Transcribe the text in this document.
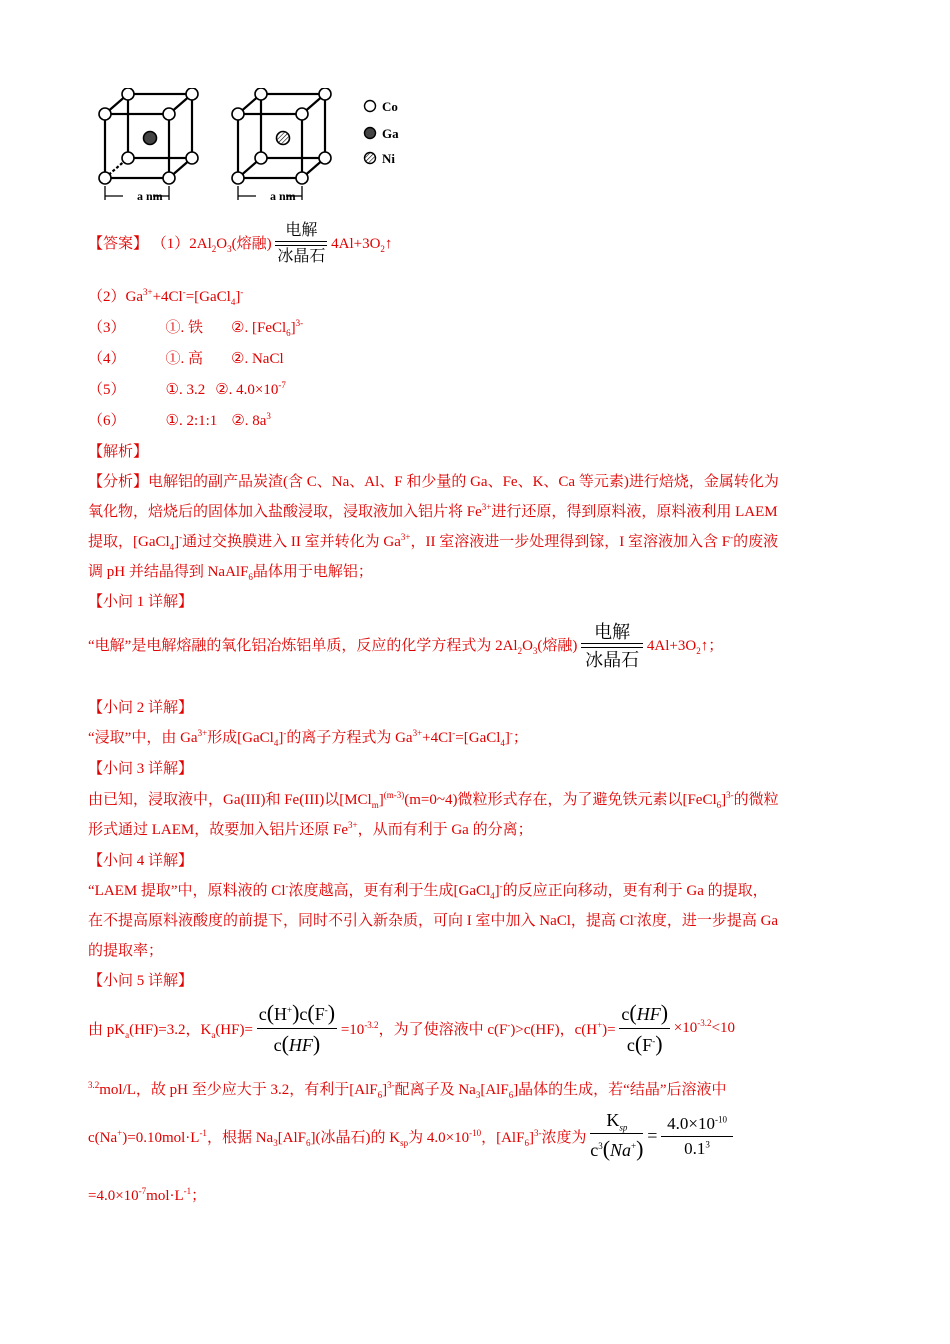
a nm	a nm
Co
Ga
Ni
【答案】 $(1)2Al_2O_3$(熔融)
电解
冰晶石
$4Al+3O_2↑$
$(2)Ga^{3+}+4Cl^-=[GaCl_4]^-$
（3）	①. 铁 ②. [FeCl$_6$]$^{3-}$
（4）	①. 高 ②. NaCl
（5）	①. 3.2 ②. $4.0\times 10^{-7}$
（6）	①. 2:1:1 ②. $8a^3$
【解析】
【分析】电解铝的副产品炭渣(含 C、Na、Al、F 和少量的 Ga、Fe、K、Ca 等元素)进行焙烧，金属转化为
氧化物，焙烧后的固体加入盐酸浸取，浸取液加入铝片将 $Fe^{3+}$进行还原，得到原料液，原料液利用 LAEM
提取，[GaCl$_4$]-通过交换膜进入 II 室并转化为 $Ga^{3+}$，II 室溶液进一步处理得到镓，I 室溶液加入含 F-的废液
调 pH 并结晶得到 NaAlF$_6$晶体用于电解铝；
【小问 1 详解】
“电解”是电解熔融的氧化铝冶炼铝单质，反应的化学方程式为 $2Al_2O_3$(熔融)
电解
冰晶石
$4Al+3O_2↑$；
【小问 2 详解】
“浸取”中，由 $Ga^{3+}$形成[GaCl$_4$]-的离子方程式为 $Ga^{3+}+4Cl^-=[GaCl_4]^-$；
【小问 3 详解】
由已知，浸取液中，Ga(III)和 Fe(III)以$[MCl_m]^{(m-3)}(m=0\sim 4)$微粒形式存在，为了避免铁元素以[FeCl$_6$]$^{3-}$的微粒
形式通过 LAEM，故要加入铝片还原 $Fe^{3+}$，从而有利于 Ga 的分离；
【小问 4 详解】
“LAEM 提取”中，原料液的 Cl-浓度越高，更有利于生成[GaCl$_4$]-的反应正向移动，更有利于 Ga 的提取，
在不提高原料液酸度的前提下，同时不引入新杂质，可向 I 室中加入 NaCl，提高 Cl-浓度，进一步提高 Ga
的提取率；
【小问 5 详解】
由 $pK_a(HF)=3.2$，$K_a(HF)= \frac{c(H^+)c(F^-)}{c(HF)} =10^{-3.2}$，为了使溶液中 c(F-)>c(HF)，$c(H^+)= \frac{c(HF)}{c(F^-)} \times 10^{-3.2}<10$
$^{3.2}$mol/L，故 pH 至少应大于 3.2，有利于$[AlF_6]^{3-}$配离子及 $Na_3[AlF_6]$晶体的生成，若“结晶”后溶液中
$c(Na^+)=0.10mol\cdot L^{-1}$，根据 $Na_3[AlF_6]$(冰晶石)的 $K_{sp}$为 $4.0\times 10^{-10}$，$[AlF_6]^{3-}$浓度为 $\frac{K_{sp}}{c^3(Na^+)} = \frac{4.0\times 10^{-10}}{0.1^3}$
$=4.0\times 10^{-7}mol\cdot L^{-1}$；
